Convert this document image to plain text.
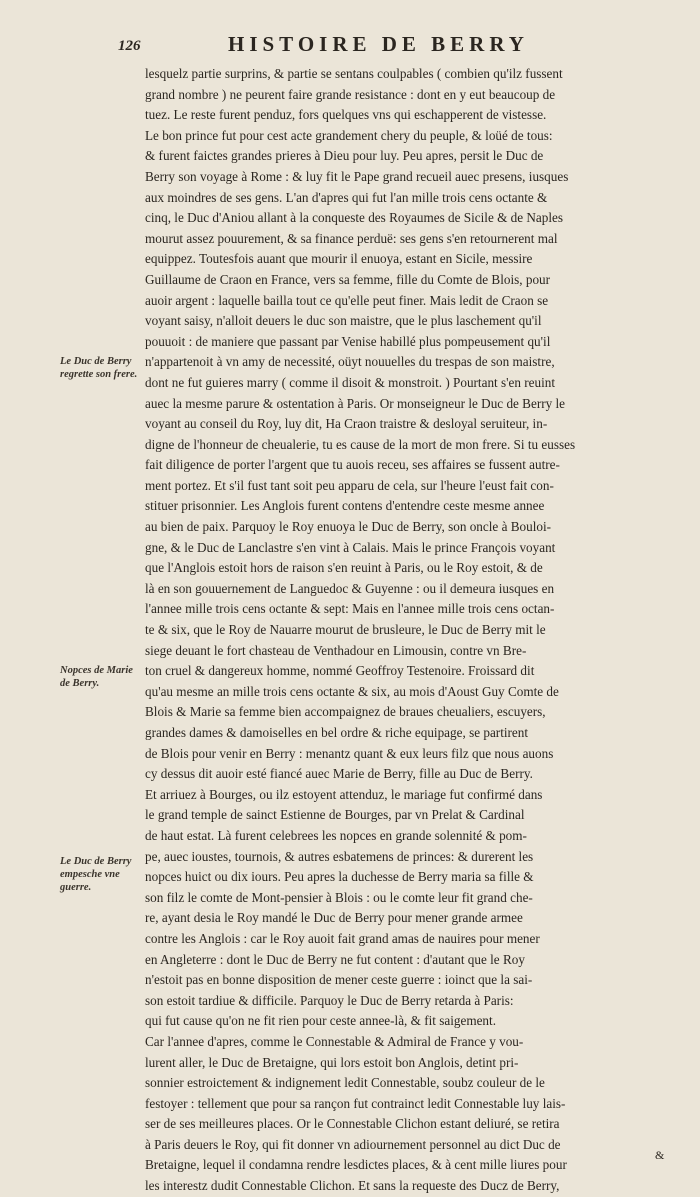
126	HISTOIRE DE BERRY
Le Duc de Berry regrette son frere.
Nopces de Marie de Berry.
Le Duc de Berry empesche vne guerre.
lesquelz partie surprins, & partie se sentans coulpables ( combien qu'ilz fussent
grand nombre ) ne peurent faire grande resistance : dont en y eut beaucoup de
tuez. Le reste furent penduz, fors quelques vns qui eschapperent de vistesse.
Le bon prince fut pour cest acte grandement chery du peuple, & loüé de tous:
& furent faictes grandes prieres à Dieu pour luy. Peu apres, persit le Duc de
Berry son voyage à Rome : & luy fit le Pape grand recueil auec presens, iusques
aux moindres de ses gens. L'an d'apres qui fut l'an mille trois cens octante &
cinq, le Duc d'Aniou allant à la conqueste des Royaumes de Sicile & de Naples
mourut assez pouurement, & sa finance perduë: ses gens s'en retournerent mal
equippez. Toutesfois auant que mourir il enuoya, estant en Sicile, messire
Guillaume de Craon en France, vers sa femme, fille du Comte de Blois, pour
auoir argent : laquelle bailla tout ce qu'elle peut finer. Mais ledit de Craon se
voyant saisy, n'alloit deuers le duc son maistre, que le plus laschement qu'il
pouuoit : de maniere que passant par Venise habillé plus pompeusement qu'il
n'appartenoit à vn amy de necessité, oüyt nouuelles du trespas de son maistre,
dont ne fut guieres marry ( comme il disoit & monstroit. ) Pourtant s'en reuint
auec la mesme parure & ostentation à Paris. Or monseigneur le Duc de Berry le
voyant au conseil du Roy, luy dit, Ha Craon traistre & desloyal seruiteur, in-
digne de l'honneur de cheualerie, tu es cause de la mort de mon frere. Si tu eusses
fait diligence de porter l'argent que tu auois receu, ses affaires se fussent autre-
ment portez. Et s'il fust tant soit peu apparu de cela, sur l'heure l'eust fait con-
stituer prisonnier. Les Anglois furent contens d'entendre ceste mesme annee
au bien de paix. Parquoy le Roy enuoya le Duc de Berry, son oncle à Bouloi-
gne, & le Duc de Lanclastre s'en vint à Calais. Mais le prince François voyant
que l'Anglois estoit hors de raison s'en reuint à Paris, ou le Roy estoit, & de
là en son gouuernement de Languedoc & Guyenne : ou il demeura iusques en
l'annee mille trois cens octante & sept: Mais en l'annee mille trois cens octan-
te & six, que le Roy de Nauarre mourut de brusleure, le Duc de Berry mit le
siege deuant le fort chasteau de Venthadour en Limousin, contre vn Bre-
ton cruel & dangereux homme, nommé Geoffroy Testenoire. Froissard dit
qu'au mesme an mille trois cens octante & six, au mois d'Aoust Guy Comte de
Blois & Marie sa femme bien accompaignez de braues cheualiers, escuyers,
grandes dames & damoiselles en bel ordre & riche equipage, se partirent
de Blois pour venir en Berry : menantz quant & eux leurs filz que nous auons
cy dessus dit auoir esté fiancé auec Marie de Berry, fille au Duc de Berry.
Et arriuez à Bourges, ou ilz estoyent attenduz, le mariage fut confirmé dans
le grand temple de sainct Estienne de Bourges, par vn Prelat & Cardinal
de haut estat. Là furent celebrees les nopces en grande solennité & pom-
pe, auec ioustes, tournois, & autres esbatemens de princes: & durerent les
nopces huict ou dix iours. Peu apres la duchesse de Berry maria sa fille &
son filz le comte de Mont-pensier à Blois : ou le comte leur fit grand che-
re, ayant desia le Roy mandé le Duc de Berry pour mener grande armee
contre les Anglois : car le Roy auoit fait grand amas de nauires pour mener
en Angleterre : dont le Duc de Berry ne fut content : d'autant que le Roy
n'estoit pas en bonne disposition de mener ceste guerre : ioinct que la sai-
son estoit tardiue & difficile. Parquoy le Duc de Berry retarda à Paris:
qui fut cause qu'on ne fit rien pour ceste annee-là, & fit saigement.
Car l'annee d'apres, comme le Connestable & Admiral de France y vou-
lurent aller, le Duc de Bretaigne, qui lors estoit bon Anglois, detint pri-
sonnier estroictement & indignement ledit Connestable, soubz couleur de le
festoyer : tellement que pour sa rançon fut contrainct ledit Connestable luy lais-
ser de ses meilleures places. Or le Connestable Clichon estant deliuré, se retira
à Paris deuers le Roy, qui fit donner vn adiournement personnel au dict Duc de
Bretaigne, lequel il condamna rendre lesdictes places, & à cent mille liures pour
les interestz dudit Connestable Clichon. Et sans la requeste des Ducz de Berry,
&
